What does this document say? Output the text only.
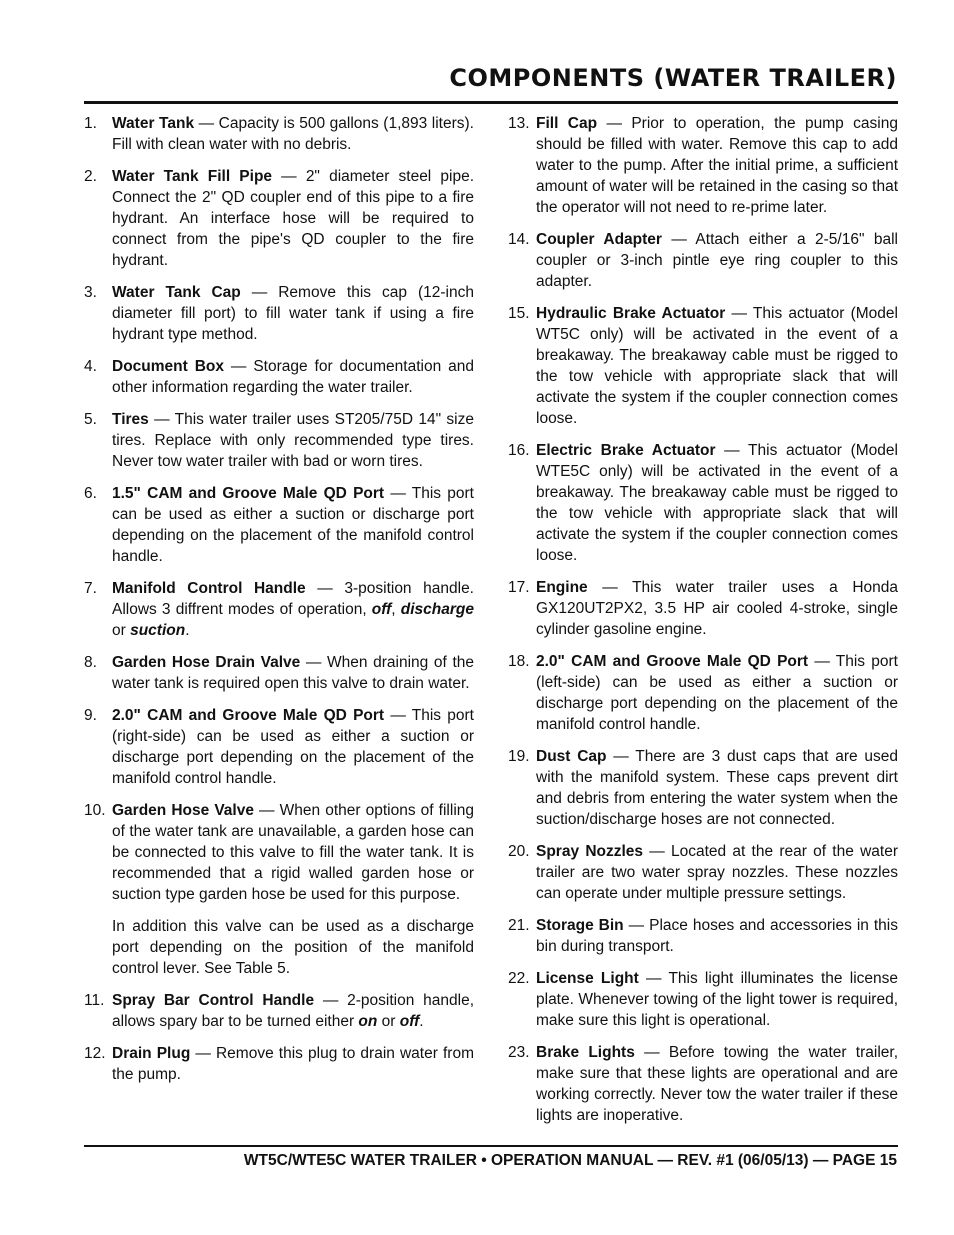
COMPONENTS (WATER TRAILER)
1. Water Tank — Capacity is 500 gallons (1,893 liters). Fill with clean water with no debris.
2. Water Tank Fill Pipe — 2" diameter steel pipe. Connect the 2" QD coupler end of this pipe to a fire hydrant. An interface hose will be required to connect from the pipe's QD coupler to the fire hydrant.
3. Water Tank Cap — Remove this cap (12-inch diameter fill port) to fill water tank if using a fire hydrant type method.
4. Document Box — Storage for documentation and other information regarding the water trailer.
5. Tires — This water trailer uses ST205/75D 14" size tires. Replace with only recommended type tires. Never tow water trailer with bad or worn tires.
6. 1.5" CAM and Groove Male QD Port — This port can be used as either a suction or discharge port depending on the placement of the manifold control handle.
7. Manifold Control Handle — 3-position handle. Allows 3 diffrent modes of operation, off, discharge or suction.
8. Garden Hose Drain Valve — When draining of the water tank is required open this valve to drain water.
9. 2.0" CAM and Groove Male QD Port — This port (right-side) can be used as either a suction or discharge port depending on the placement of the manifold control handle.
10. Garden Hose Valve — When other options of filling of the water tank are unavailable, a garden hose can be connected to this valve to fill the water tank. It is recommended that a rigid walled garden hose or suction type garden hose be used for this purpose.
In addition this valve can be used as a discharge port depending on the position of the manifold control lever. See Table 5.
11. Spray Bar Control Handle — 2-position handle, allows spary bar to be turned either on or off.
12. Drain Plug — Remove this plug to drain water from the pump.
13. Fill Cap — Prior to operation, the pump casing should be filled with water. Remove this cap to add water to the pump. After the initial prime, a sufficient amount of water will be retained in the casing so that the operator will not need to re-prime later.
14. Coupler Adapter — Attach either a 2-5/16" ball coupler or 3-inch pintle eye ring coupler to this adapter.
15. Hydraulic Brake Actuator — This actuator (Model WT5C only) will be activated in the event of a breakaway. The breakaway cable must be rigged to the tow vehicle with appropriate slack that will activate the system if the coupler connection comes loose.
16. Electric Brake Actuator — This actuator (Model WTE5C only) will be activated in the event of a breakaway. The breakaway cable must be rigged to the tow vehicle with appropriate slack that will activate the system if the coupler connection comes loose.
17. Engine — This water trailer uses a Honda GX120UT2PX2, 3.5 HP air cooled 4-stroke, single cylinder gasoline engine.
18. 2.0" CAM and Groove Male QD Port — This port (left-side) can be used as either a suction or discharge port depending on the placement of the manifold control handle.
19. Dust Cap — There are 3 dust caps that are used with the manifold system. These caps prevent dirt and debris from entering the water system when the suction/discharge hoses are not connected.
20. Spray Nozzles — Located at the rear of the water trailer are two water spray nozzles. These nozzles can operate under multiple pressure settings.
21. Storage Bin — Place hoses and accessories in this bin during transport.
22. License Light — This light illuminates the license plate. Whenever towing of the light tower is required, make sure this light is operational.
23. Brake Lights — Before towing the water trailer, make sure that these lights are operational and are working correctly. Never tow the water trailer if these lights are inoperative.
WT5C/WTE5C WATER TRAILER • OPERATION MANUAL — REV. #1 (06/05/13) — PAGE 15
